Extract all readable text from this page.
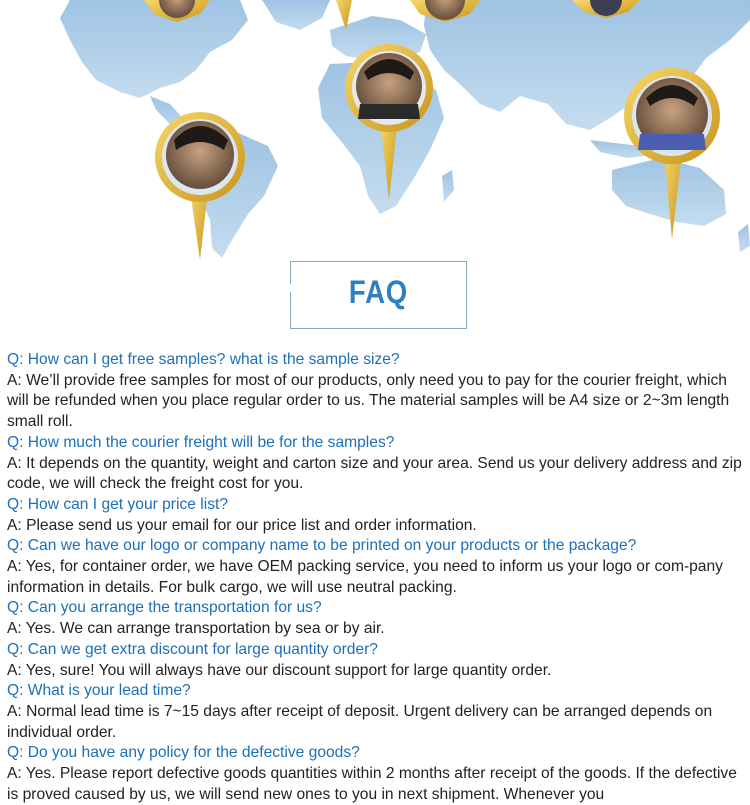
FAQ

Q: How can I get free samples? what is the sample size?

A: We’ll provide free samples for most of our products, only need you to pay for the courier freight, which will be refunded when you place regular order to us. The material samples will be A4 size or 2~3m length small roll.

Q: How much the courier freight will be for the samples?

A: It depends on the quantity, weight and carton size and your area. Send us your delivery address and zip code, we will check the freight cost for you.

Q: How can I get your price list?

A: Please send us your email for our price list and order information.

Q: Can we have our logo or company name to be printed on your products or the package?

A: Yes, for container order, we have OEM packing service, you need to inform us your logo or com-pany information in details. For bulk cargo, we will use neutral packing.

Q: Can you arrange the transportation for us?

A: Yes. We can arrange transportation by sea or by air.

Q: Can we get extra discount for large quantity order?

A: Yes, sure! You will always have our discount support for large quantity order.

Q: What is your lead time?

A: Normal lead time is 7~15 days after receipt of deposit. Urgent delivery can be arranged depends on individual order.

Q: Do you have any policy for the defective goods?

A: Yes. Please report defective goods quantities within 2 months after receipt of the goods. If the defective is proved caused by us, we will send new ones to you in next shipment. Whenever you
